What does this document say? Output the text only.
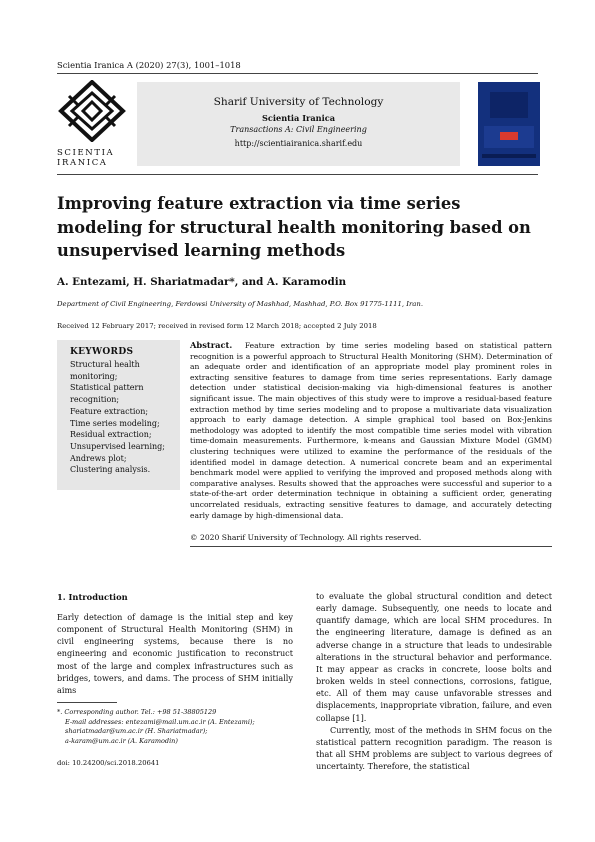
Scientia Iranica A (2020) 27(3), 1001–1018
SCIENTIA
IRANICA
Sharif University of Technology
Scientia Iranica
Transactions A: Civil Engineering
http://scientiairanica.sharif.edu
Improving feature extraction via time series modeling for structural health monitoring based on unsupervised learning methods
A. Entezami, H. Shariatmadar*, and A. Karamodin
Department of Civil Engineering, Ferdowsi University of Mashhad, Mashhad, P.O. Box 91775-1111, Iran.
Received 12 February 2017; received in revised form 12 March 2018; accepted 2 July 2018
KEYWORDS
Structural health monitoring;
Statistical pattern recognition;
Feature extraction;
Time series modeling;
Residual extraction;
Unsupervised learning;
Andrews plot;
Clustering analysis.

Abstract. Feature extraction by time series modeling based on statistical pattern recognition is a powerful approach to Structural Health Monitoring (SHM). Determination of an adequate order and identification of an appropriate model play prominent roles in extracting sensitive features to damage from time series representations. Early damage detection under statistical decision-making via high-dimensional features is another significant issue. The main objectives of this study were to improve a residual-based feature extraction method by time series modeling and to propose a multivariate data visualization approach to early damage detection. A simple graphical tool based on Box-Jenkins methodology was adopted to identify the most compatible time series model with vibration time-domain measurements. Furthermore, k-means and Gaussian Mixture Model (GMM) clustering techniques were utilized to examine the performance of the residuals of the identified model in damage detection. A numerical concrete beam and an experimental benchmark model were applied to verifying the improved and proposed methods along with comparative analyses. Results showed that the approaches were successful and superior to a state-of-the-art order determination technique in obtaining a sufficient order, generating uncorrelated residuals, extracting sensitive features to damage, and accurately detecting early damage by high-dimensional data.

© 2020 Sharif University of Technology. All rights reserved.
1. Introduction

Early detection of damage is the initial step and key component of Structural Health Monitoring (SHM) in civil engineering systems, because there is no engineering and economic justification to reconstruct most of the large and complex infrastructures such as bridges, towers, and dams. The process of SHM initially aims

to evaluate the global structural condition and detect early damage. Subsequently, one needs to locate and quantify damage, which are local SHM procedures. In the engineering literature, damage is defined as an adverse change in a structure that leads to undesirable alterations in the structural behavior and performance. It may appear as cracks in concrete, loose bolts and broken welds in steel connections, corrosions, fatigue, etc. All of them may cause unfavorable stresses and displacements, inappropriate vibration, failure, and even collapse [1].

Currently, most of the methods in SHM focus on the statistical pattern recognition paradigm. The reason is that all SHM problems are subject to various degrees of uncertainty. Therefore, the statistical

*. Corresponding author. Tel.: +98 51-38805129
E-mail addresses: entezami@mail.um.ac.ir (A. Entezami);
shariatmadar@um.ac.ir (H. Shariatmadar);
a-karam@um.ac.ir (A. Karamodin)
doi: 10.24200/sci.2018.20641
